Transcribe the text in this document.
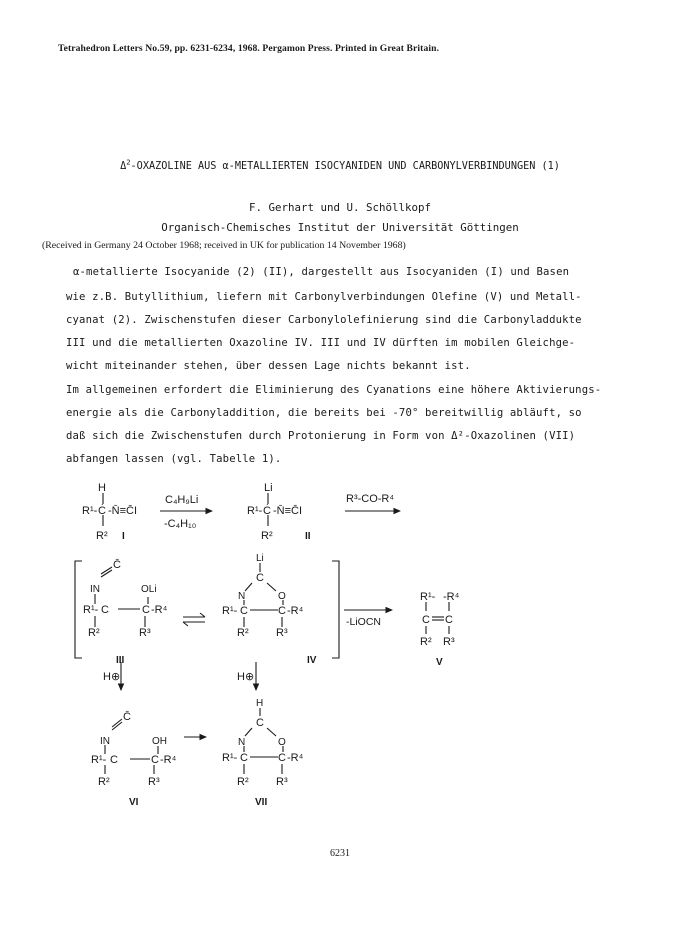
Tetrahedron Letters No.59, pp. 6231-6234, 1968. Pergamon Press. Printed in Great Britain.
$\Delta^2$-OXAZOLINE AUS α-METALLIERTEN ISOCYANIDEN UND CARBONYLVERBINDUNGEN (1)
F. Gerhart und U. Schöllkopf
Organisch-Chemisches Institut der Universität Göttingen
(Received in Germany 24 October 1968; received in UK for publication 14 November 1968)
α-metallierte Isocyanide (2) (II), dargestellt aus Isocyaniden (I) und Basen
wie z.B. Butyllithium, liefern mit Carbonylverbindungen Olefine (V) und Metall-
cyanat (2). Zwischenstufen dieser Carbonylolefinierung sind die Carbonyladdukte
III und die metallierten Oxazoline IV. III und IV dürften im mobilen Gleichge-
wicht miteinander stehen, über dessen Lage nichts bekannt ist.
Im allgemeinen erfordert die Eliminierung des Cyanations eine höhere Aktivierungs-
energie als die Carbonyladdition, die bereits bei -70° bereitwillig abläuft, so
daß sich die Zwischenstufen durch Protonierung in Form von Δ²-Oxazolinen (VII)
abfangen lassen (vgl. Tabelle 1).
H
R¹- Ċ -N̄≡C̄I
R² I
C₄H₉Li
-C₄H₁₀
Li
R¹- Ċ -N̄≡C̄I
R²	II
R³-CO-R⁴
C̄
IN	OLi
R¹- C	C -R⁴
R²	R³
III
Li
C
N	O
R¹- C	C -R⁴
R² R³
IV
-LiOCN
R¹- -R⁴
C C
R² R³
V
H⊕	H⊕
C̄
IN	OH
R¹- C	C -R⁴
R²	R³
VI
H
C
N	O
R¹- C	C -R⁴
R² R³
VII
6231
